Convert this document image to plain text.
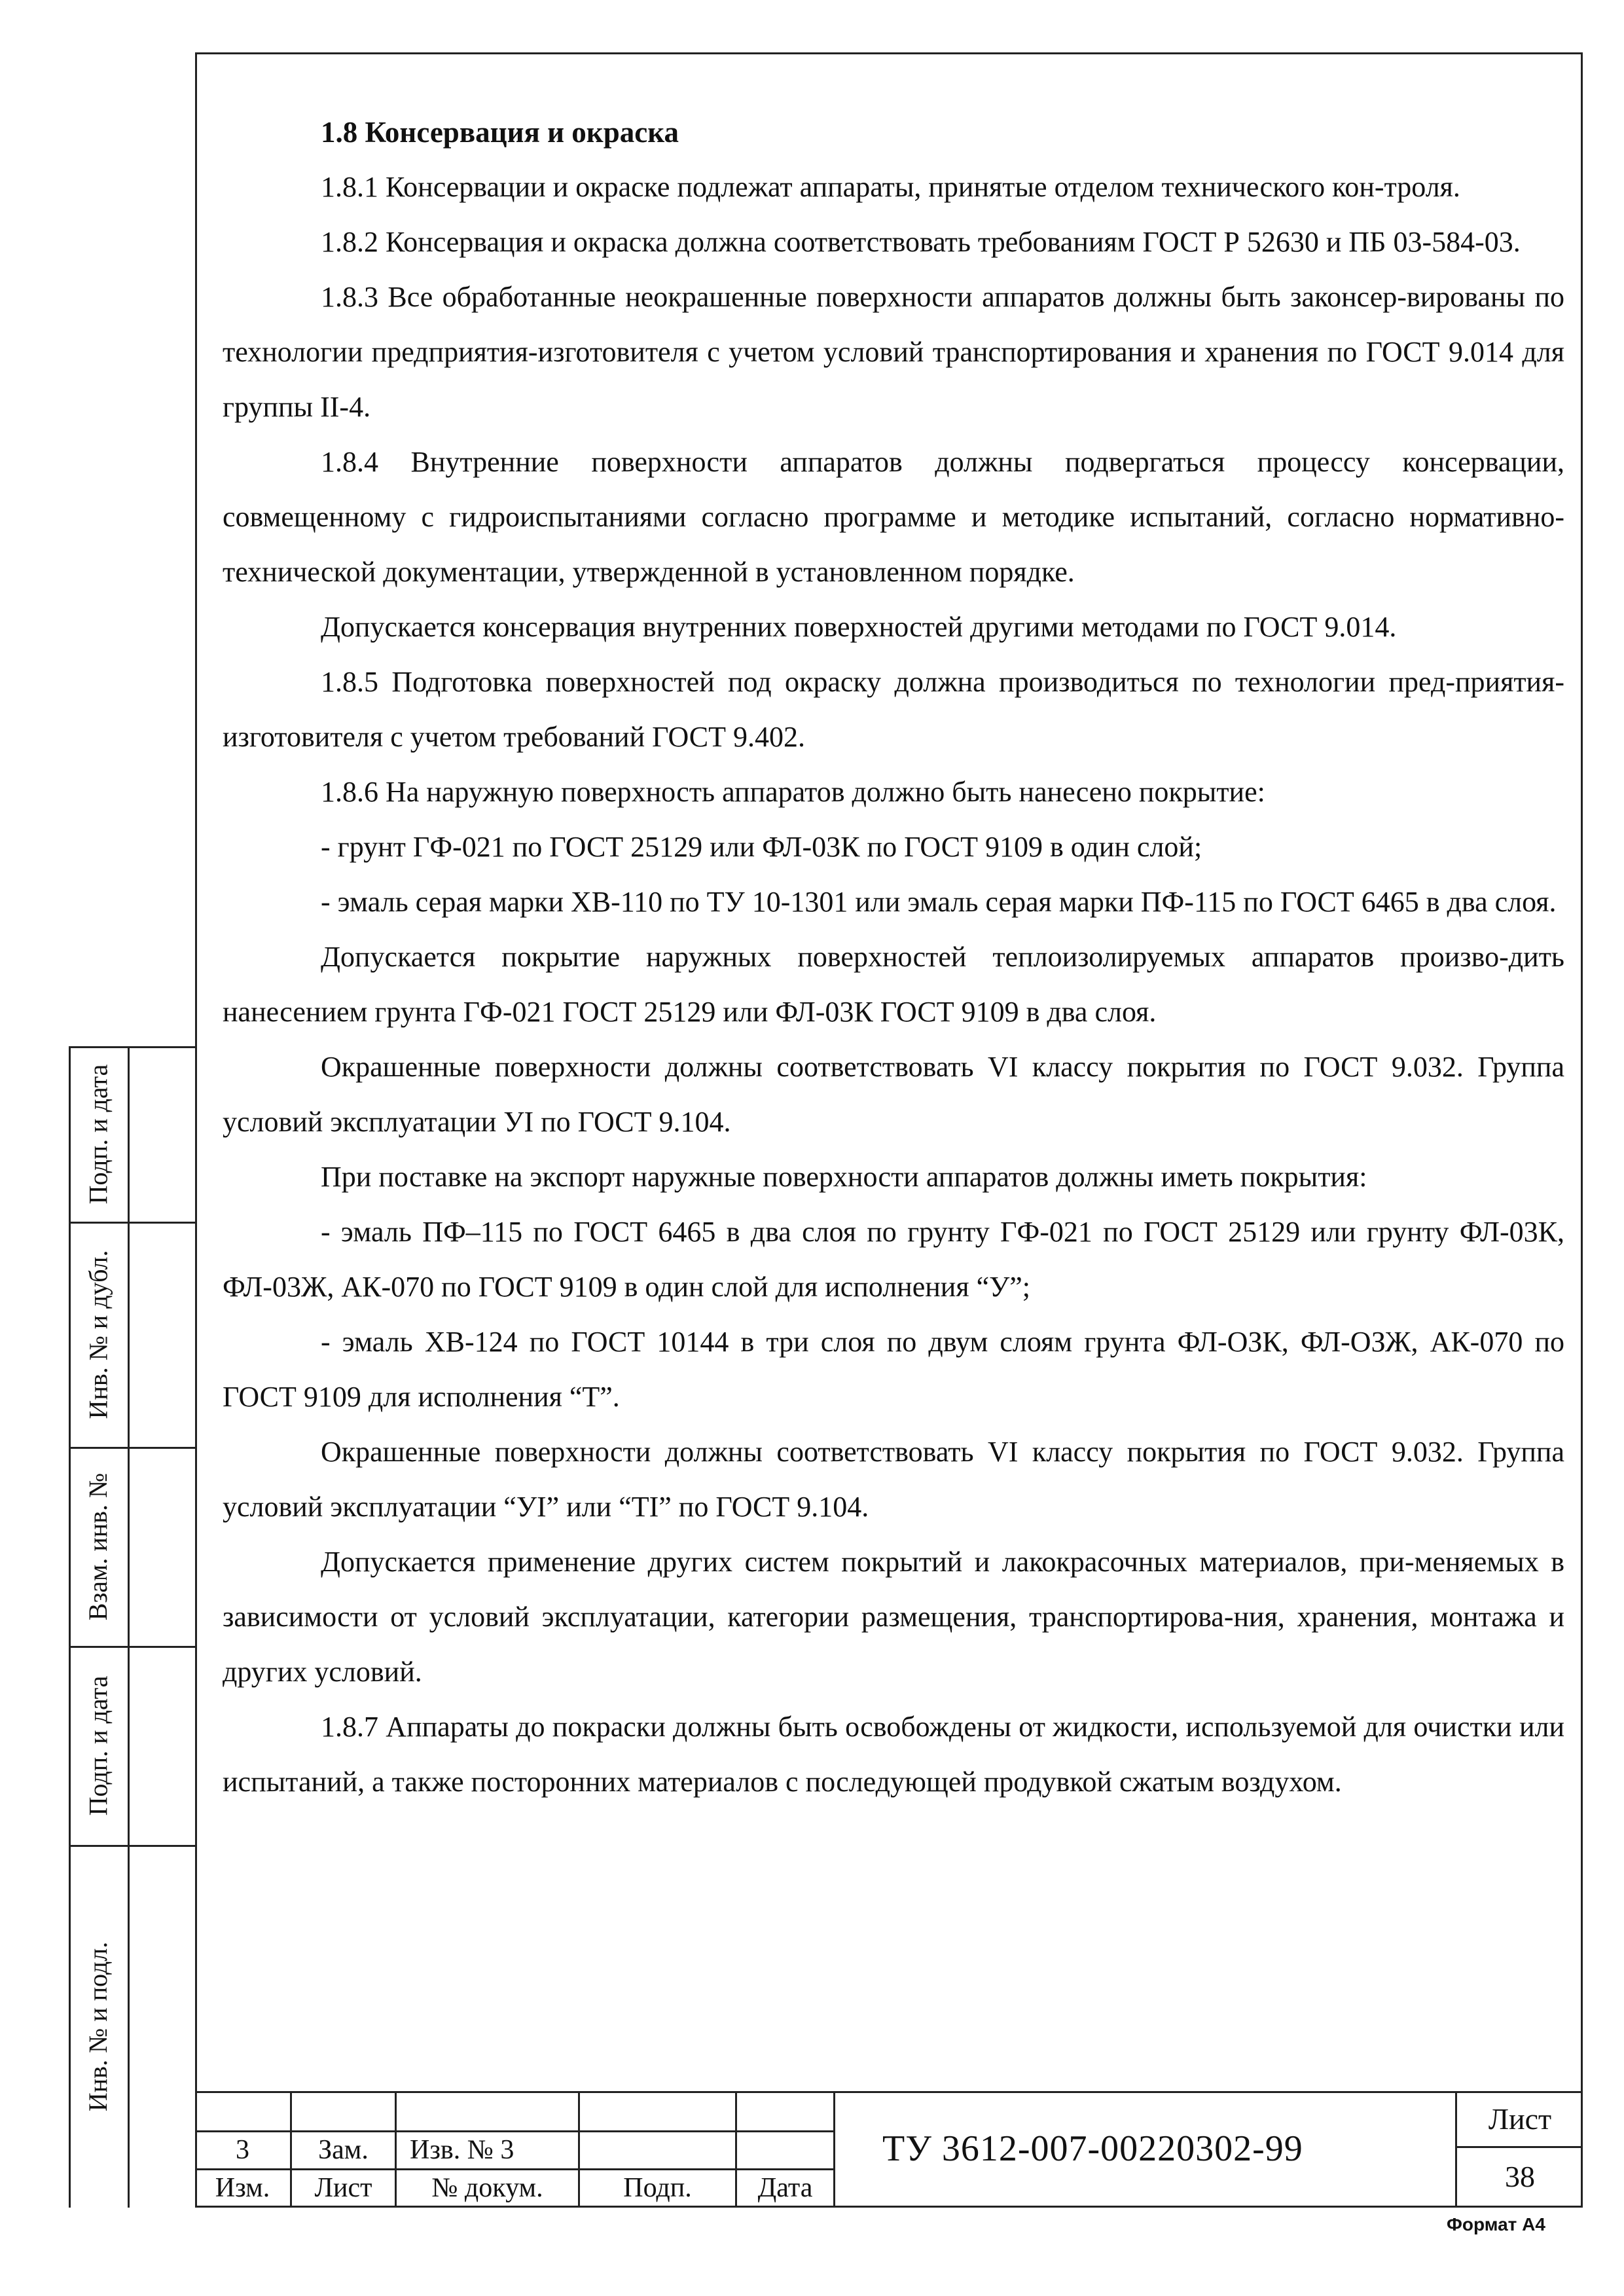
1.8 Консервация и окраска

1.8.1 Консервации и окраске подлежат аппараты, принятые отделом технического кон-троля.

1.8.2 Консервация и окраска должна соответствовать требованиям ГОСТ Р 52630 и ПБ 03-584-03.

1.8.3 Все обработанные неокрашенные поверхности аппаратов должны быть законсер-вированы по технологии предприятия-изготовителя с учетом условий транспортирования и хранения по ГОСТ 9.014 для группы II-4.

1.8.4 Внутренние поверхности аппаратов должны подвергаться процессу консервации, совмещенному с гидроиспытаниями согласно программе и методике испытаний, согласно нормативно-технической документации, утвержденной в установленном порядке.

Допускается консервация внутренних поверхностей другими методами по ГОСТ 9.014.

1.8.5 Подготовка поверхностей под окраску должна производиться по технологии пред-приятия-изготовителя с учетом требований ГОСТ 9.402.

1.8.6 На наружную поверхность аппаратов должно быть нанесено покрытие:

- грунт ГФ-021 по ГОСТ 25129 или ФЛ-03К по ГОСТ 9109 в один слой;

- эмаль серая марки ХВ-110 по ТУ 10-1301 или эмаль серая марки ПФ-115 по ГОСТ 6465 в два слоя.

Допускается покрытие наружных поверхностей теплоизолируемых аппаратов произво-дить нанесением грунта ГФ-021 ГОСТ 25129 или ФЛ-03К ГОСТ 9109 в два слоя.

Окрашенные поверхности должны соответствовать VI классу покрытия по ГОСТ 9.032. Группа условий эксплуатации УI по ГОСТ 9.104.

При поставке на экспорт наружные поверхности аппаратов должны иметь покрытия:

- эмаль ПФ–115 по ГОСТ 6465 в два слоя по грунту ГФ-021 по ГОСТ 25129 или грунту ФЛ-03К, ФЛ-03Ж, АК-070 по ГОСТ 9109 в один слой для исполнения “У”;

- эмаль ХВ-124 по ГОСТ 10144 в три слоя по двум слоям грунта ФЛ-ОЗК, ФЛ-ОЗЖ, АК-070 по ГОСТ 9109 для исполнения “Т”.

Окрашенные поверхности должны соответствовать VI классу покрытия по ГОСТ 9.032. Группа условий эксплуатации “УI” или “TI” по ГОСТ 9.104.

Допускается применение других систем покрытий и лакокрасочных материалов, при-меняемых в зависимости от условий эксплуатации, категории размещения, транспортирова-ния, хранения, монтажа и других условий.

1.8.7 Аппараты до покраски должны быть освобождены от жидкости, используемой для очистки или испытаний, а также посторонних материалов с последующей продувкой сжатым воздухом.

Подп. и дата
Инв. № и дубл.
Взам. инв. №
Подп. и дата
Инв. № и подл.
3	Зам.	Изв. № 3
Изм.	Лист	№ докум.	Подп.	Дата
ТУ 3612-007-00220302-99
Лист
38
Формат А4
